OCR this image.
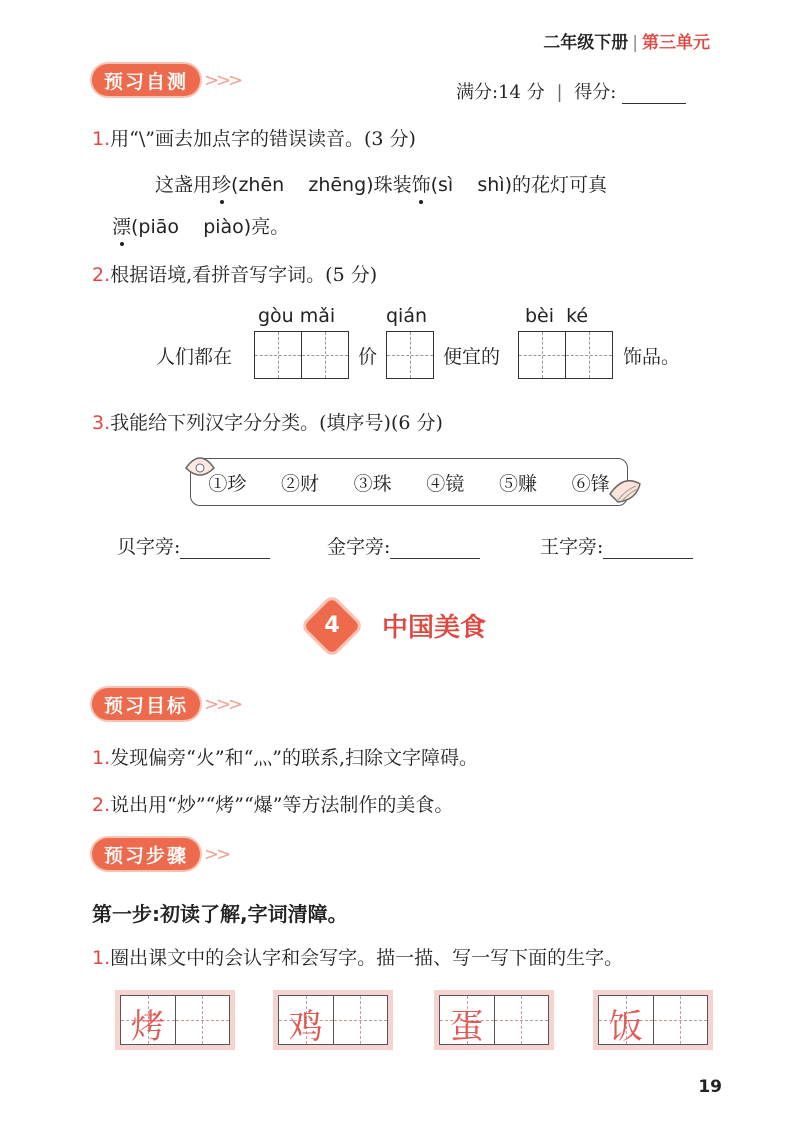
二年级下册 | 第三单元
预习自测 >>>
满分:14 分 | 得分:
1.用“\”画去加点字的错误读音。(3 分)
这盏用珍(zhēn    zhēng)珠装饰(sì    shì)的花灯可真
漂(piāo    piào)亮。
2.根据语境,看拼音写字词。(5 分)
gòu mǎi	qián	bèi  ké
人们都在	价	便宜的	饰品。
3.我能给下列汉字分分类。(填序号)(6 分)
①珍 ②财 ③珠 ④镜 ⑤赚 ⑥锋
贝字旁:	金字旁:	王字旁:
4	中国美食
预习目标 >>>
1.发现偏旁“火”和“灬”的联系,扫除文字障碍。
2.说出用“炒”“烤”“爆”等方法制作的美食。
预习步骤 >>
第一步:初读了解,字词清障。
1.圈出课文中的会认字和会写字。描一描、写一写下面的生字。
烤	鸡	蛋	饭
19
